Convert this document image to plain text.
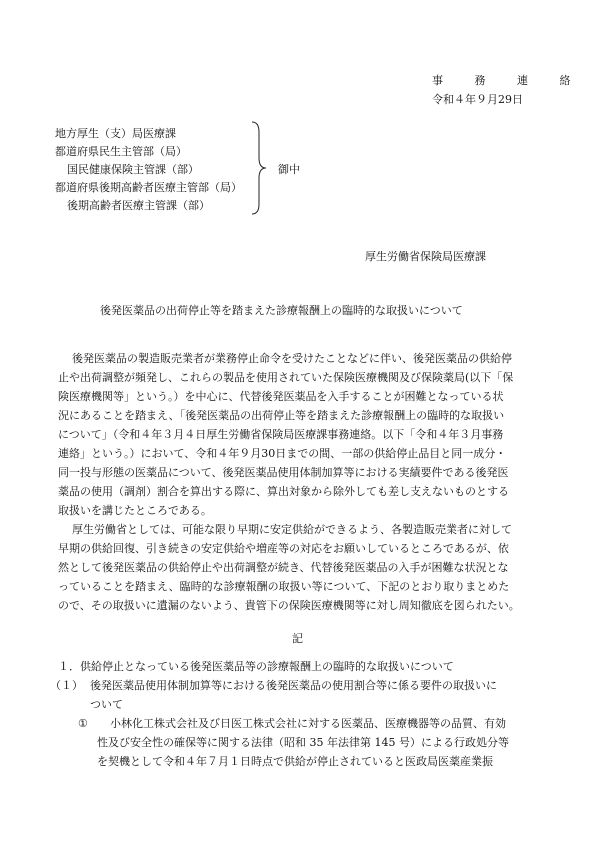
事 務 連 絡
令和４年９月29日
地方厚生（支）局医療課
都道府県民生主管部（局）
国民健康保険主管課（部）
都道府県後期高齢者医療主管部（局）
後期高齢者医療主管課（部）
御中
厚生労働省保険局医療課
後発医薬品の出荷停止等を踏まえた診療報酬上の臨時的な取扱いについて
後発医薬品の製造販売業者が業務停止命令を受けたことなどに伴い、後発医薬品の供給停
止や出荷調整が頻発し、これらの製品を使用されていた保険医療機関及び保険薬局(以下「保
険医療機関等」という。）を中心に、代替後発医薬品を入手することが困難となっている状
況にあることを踏まえ、「後発医薬品の出荷停止等を踏まえた診療報酬上の臨時的な取扱い
について」（令和４年３月４日厚生労働省保険局医療課事務連絡。以下「令和４年３月事務
連絡」という。）において、令和４年９月30日までの間、一部の供給停止品目と同一成分・
同一投与形態の医薬品について、後発医薬品使用体制加算等における実績要件である後発医
薬品の使用（調剤）割合を算出する際に、算出対象から除外しても差し支えないものとする
取扱いを講じたところである。
厚生労働省としては、可能な限り早期に安定供給ができるよう、各製造販売業者に対して
早期の供給回復、引き続きの安定供給や増産等の対応をお願いしているところであるが、依
然として後発医薬品の供給停止や出荷調整が続き、代替後発医薬品の入手が困難な状況とな
っていることを踏まえ、臨時的な診療報酬の取扱い等について、下記のとおり取りまとめた
ので、その取扱いに遺漏のないよう、貴管下の保険医療機関等に対し周知徹底を図られたい。
記
１．供給停止となっている後発医薬品等の診療報酬上の臨時的な取扱いについて
（１） 後発医薬品使用体制加算等における後発医薬品の使用割合等に係る要件の取扱いに
ついて
① 小林化工株式会社及び日医工株式会社に対する医薬品、医療機器等の品質、有効
性及び安全性の確保等に関する法律（昭和 35 年法律第 145 号）による行政処分等
を契機として令和４年７月１日時点で供給が停止されていると医政局医薬産業振
